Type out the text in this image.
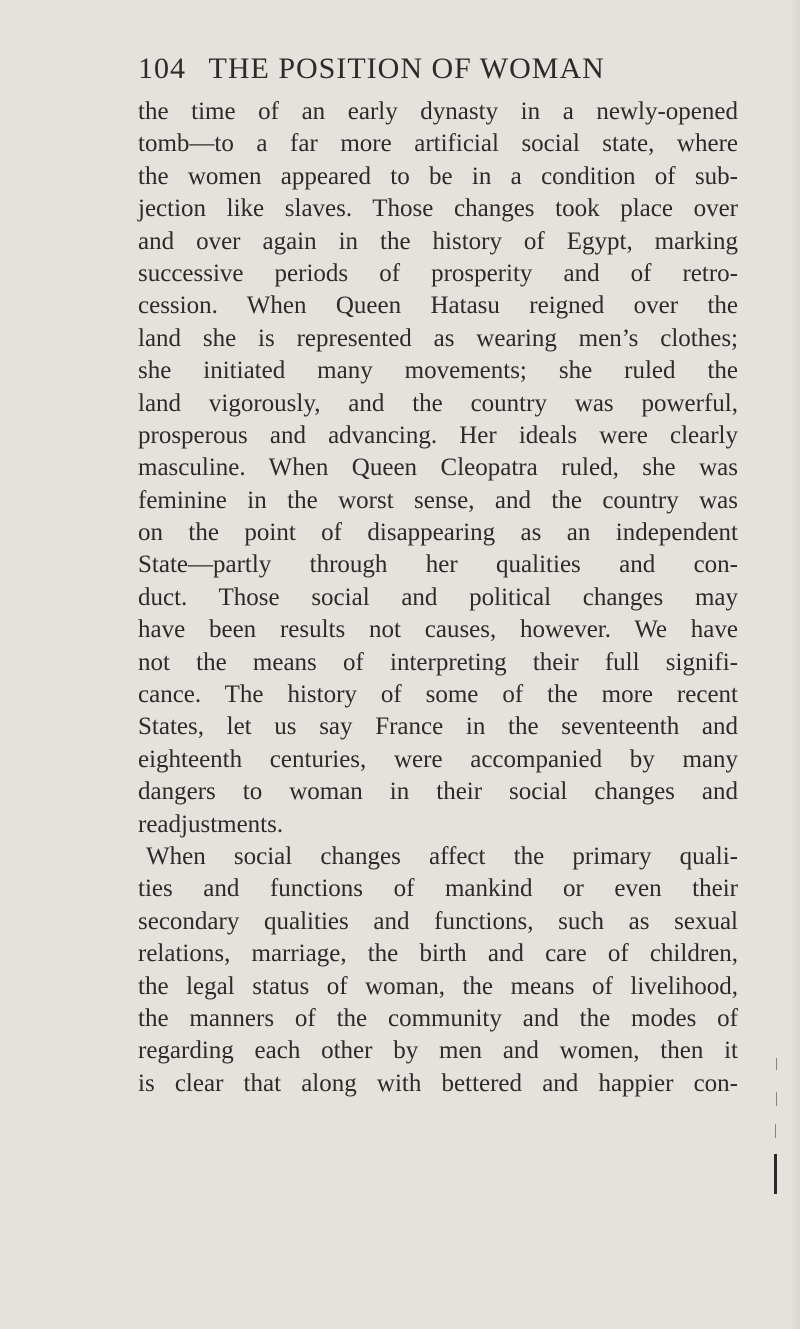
104 THE POSITION OF WOMAN
the time of an early dynasty in a newly-opened
tomb—to a far more artificial social state, where
the women appeared to be in a condition of sub-
jection like slaves. Those changes took place over
and over again in the history of Egypt, marking
successive periods of prosperity and of retro-
cession. When Queen Hatasu reigned over the
land she is represented as wearing men’s clothes;
she initiated many movements; she ruled the
land vigorously, and the country was powerful,
prosperous and advancing. Her ideals were clearly
masculine. When Queen Cleopatra ruled, she was
feminine in the worst sense, and the country was
on the point of disappearing as an independent
State—partly through her qualities and con-
duct. Those social and political changes may
have been results not causes, however. We have
not the means of interpreting their full signifi-
cance. The history of some of the more recent
States, let us say France in the seventeenth and
eighteenth centuries, were accompanied by many
dangers to woman in their social changes and
readjustments.
When social changes affect the primary quali-
ties and functions of mankind or even their
secondary qualities and functions, such as sexual
relations, marriage, the birth and care of children,
the legal status of woman, the means of livelihood,
the manners of the community and the modes of
regarding each other by men and women, then it
is clear that along with bettered and happier con-
